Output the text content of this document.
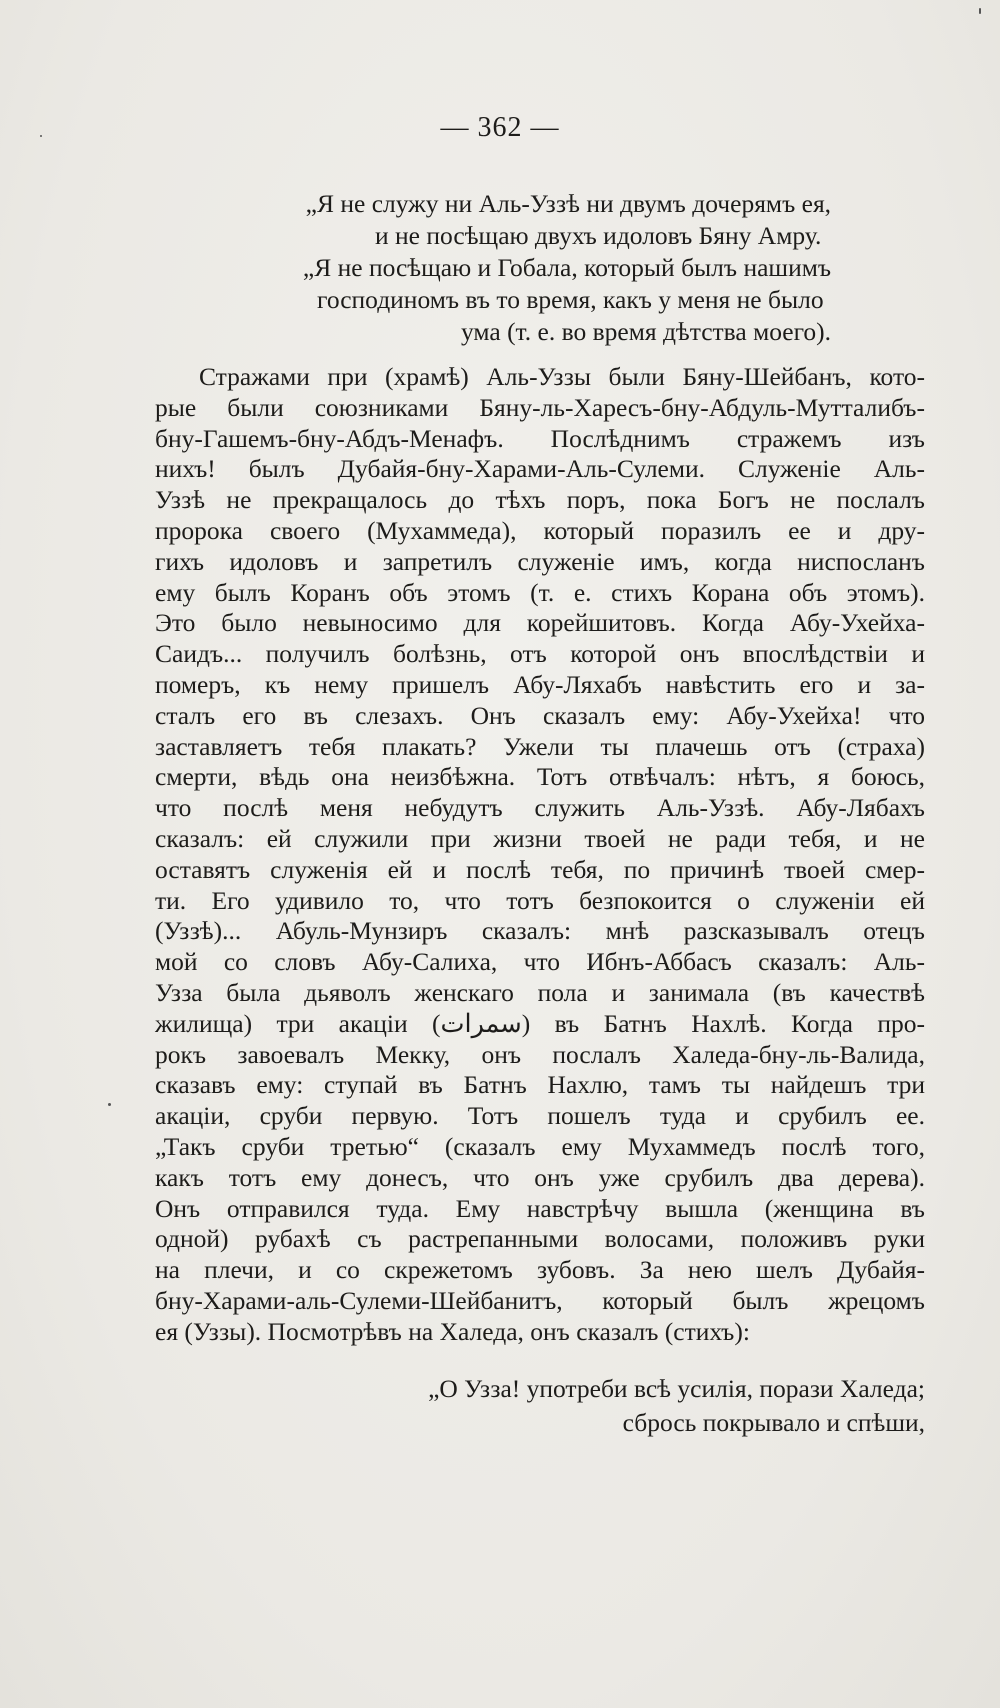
— 362 —
„Я не служу ни Аль-Уззѣ ни двумъ дочерямъ ея,
и не посѣщаю двухъ идоловъ Бяну Амру.
„Я не посѣщаю и Гобала, который былъ нашимъ
господиномъ въ то время, какъ у меня не было
ума (т. е. во время дѣтства моего).
Стражами при (храмѣ) Аль-Уззы были Бяну-Шейбанъ, кото-
рые были союзниками Бяну-ль-Харесъ-бну-Абдуль-Мутталибъ-
бну-Гашемъ-бну-Абдъ-Менафъ. Послѣднимъ стражемъ изъ
нихъ! былъ Дубайя-бну-Харами-Аль-Сулеми. Служеніе Аль-
Уззѣ не прекращалось до тѣхъ поръ, пока Богъ не послалъ
пророка своего (Мухаммеда), который поразилъ ее и дру-
гихъ идоловъ и запретилъ служеніе имъ, когда ниспосланъ
ему былъ Коранъ объ этомъ (т. е. стихъ Корана объ этомъ).
Это было невыносимо для корейшитовъ. Когда Абу-Ухейха-
Саидъ... получилъ болѣзнь, отъ которой онъ впослѣдствіи и
померъ, къ нему пришелъ Абу-Ляхабъ навѣстить его и за-
сталъ его въ слезахъ. Онъ сказалъ ему: Абу-Ухейха! что
заставляетъ тебя плакать? Ужели ты плачешь отъ (страха)
смерти, вѣдь она неизбѣжна. Тотъ отвѣчалъ: нѣтъ, я боюсь,
что послѣ меня небудутъ служить Аль-Уззѣ. Абу-Лябахъ
сказалъ: ей служили при жизни твоей не ради тебя, и не
оставятъ служенія ей и послѣ тебя, по причинѣ твоей смер-
ти. Его удивило то, что тотъ безпокоится о служеніи ей
(Уззѣ)... Абуль-Мунзиръ сказалъ: мнѣ разсказывалъ отецъ
мой со словъ Абу-Салиха, что Ибнъ-Аббасъ сказалъ: Аль-
Узза была дьяволъ женскаго пола и занимала (въ качествѣ
жилища) три акаціи (سمرات) въ Батнъ Нахлѣ. Когда про-
рокъ завоевалъ Мекку, онъ послалъ Халеда-бну-ль-Валида,
сказавъ ему: ступай въ Батнъ Нахлю, тамъ ты найдешъ три
акаціи, сруби первую. Тотъ пошелъ туда и срубилъ ее.
„Такъ сруби третью“ (сказалъ ему Мухаммедъ послѣ того,
какъ тотъ ему донесъ, что онъ уже срубилъ два дерева).
Онъ отправился туда. Ему навстрѣчу вышла (женщина въ
одной) рубахѣ съ растрепанными волосами, положивъ руки
на плечи, и со скрежетомъ зубовъ. За нею шелъ Дубайя-
бну-Харами-аль-Сулеми-Шейбанитъ, который былъ жрецомъ
ея (Уззы). Посмотрѣвъ на Халеда, онъ сказалъ (стихъ):
„О Узза! употреби всѣ усилія, порази Халеда;
сбрось покрывало и спѣши,
